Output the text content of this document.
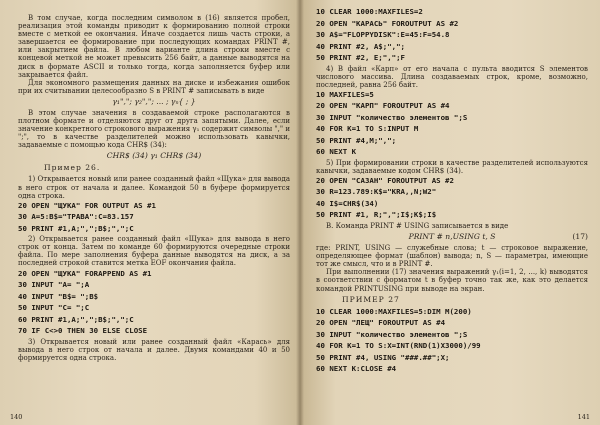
В том случае, когда последним символом в (16) является пробел, реализация этой команды приводит к формированию полной строки вместе с меткой ее окончания. Иначе создается лишь часть строки, а завершается ее формирование при последующих командах PRINT #, или закрытием файла. В любом варианте длина строки вместе с концевой меткой не может превысить 256 байт, а данные выводятся на диск в формате ASCII и только тогда, когда заполняется буфер или закрывается файл.

Для экономного размещения данных на диске и избежания ошибок при их считывании целесообразно S в PRINT # записывать в виде

γ₁","; γ₂","; ... ; γₙ{ ; }

В этом случае значения в создаваемой строке располагаются в плотном формате и отделяются друг от друга запятыми. Далее, если значение конкретного строкового выражения γ₁ содержит символы "," и ";", то в качестве разделителей можно использовать кавычки, задаваемые с помощью кода CHR$ (34):

CHR$ (34) γ₁ CHR$ (34)
Пример 26.

1) Открывается новый или ранее созданный файл «Щука» для вывода в него строк от начала и далее. Командой 50 в буфере формируется одна строка.

20 OPEN "ЩУКА" FOR OUTPUT AS #1
30 A=5:B$="ТРАВА":C=83.157
50 PRINT #1,A;",";B$;",";C

2) Открывается ранее созданный файл «Щука» для вывода в него строк от конца. Затем по команде 60 формируются очередные строки файла. По мере заполнения буфера данные выводятся на диск, а за последней строкой ставится метка EOF окончания файла.

20 OPEN "ЩУКА" FORAPPEND AS #1
30 INPUT "A= ";A
40 INPUT "B$= ";B$
50 INPUT "C= ";C
60 PRINT #1,A;",";B$;",";C
70 IF C<>0 THEN 30 ELSE CLOSE

3) Открывается новый или ранее созданный файл «Карась» для вывода в него строк от начала и далее. Двумя командами 40 и 50 формируется одна строка.

140
10 CLEAR 1000:MAXFILES=2
20 OPEN "КАРАСЬ" FOROUTPUT AS #2
30 A$="FLOPPYDISK":E=45:F=54.8
40 PRINT #2, A$;",";
50 PRINT #2, E;",";F

4) В файл «Карп» от его начала с пульта вводится S элементов числового массива. Длина создаваемых строк, кроме, возможно, последней, равна 256 байт.

10 MAXFILES=5
20 OPEN "КАРП" FOROUTPUT AS #4
30 INPUT "количество элементов ";S
40 FOR K=1 TO S:INPUT M
50 PRINT #4,M;",";
60 NEXT K

5) При формировании строки в качестве разделителей используются кавычки, задаваемые кодом CHR$ (34).

20 OPEN "САЗАН" FOROUTPUT AS #2
30 R=123.789:K$="КRA,,N;W2"
40 I$=CHR$(34)
50 PRINT #1, R;",";I$;K$;I$

В. Команда PRINT # USING записывается в виде

PRINT # n,USING t, S	(17)

где: PRINT, USING — служебные слова; t — строковое выражение, определяющее формат (шаблон) вывода; n, S — параметры, имеющие тот же смысл, что и в PRINT #.

При выполнении (17) значения выражений γ₁(i=1, 2, ..., k) выводятся в соответствии с форматом t в буфер точно так же, как это делается командой PRINTUSING при выводе на экран.

ПРИМЕР 27
10 CLEAR 1000:MAXFILES=5:DIM M(200)
20 OPEN "ЛЕЩ" FOROUTPUT AS #4
30 INPUT "количество элементов ";S
40 FOR K=1 TO S:X=INT(RND(1)X3000)/99
50 PRINT #4, USING "###.##";X;
60 NEXT K:CLOSE #4
141
